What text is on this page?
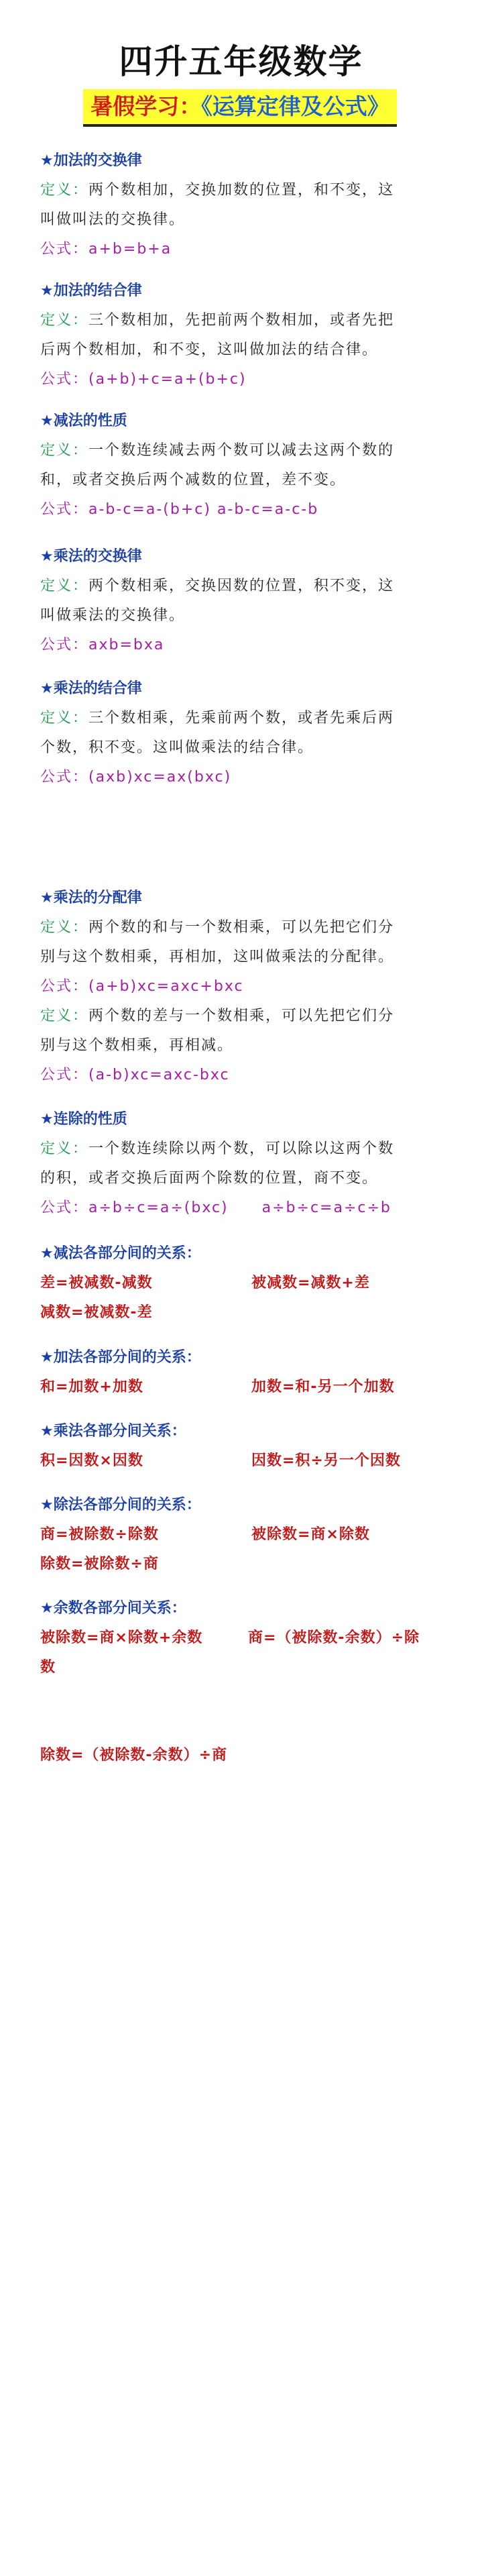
四升五年级数学
暑假学习：《运算定律及公式》
★加法的交换律
定义：两个数相加，交换加数的位置，和不变，这
叫做叫法的交换律。
公式：a+b=b+a
★加法的结合律
定义：三个数相加，先把前两个数相加，或者先把
后两个数相加，和不变，这叫做加法的结合律。
公式：(a+b)+c=a+(b+c)
★减法的性质
定义：一个数连续减去两个数可以减去这两个数的
和，或者交换后两个减数的位置，差不变。
公式：a-b-c=a-(b+c) a-b-c=a-c-b
★乘法的交换律
定义：两个数相乘，交换因数的位置，积不变，这
叫做乘法的交换律。
公式：axb=bxa
★乘法的结合律
定义：三个数相乘，先乘前两个数，或者先乘后两
个数，积不变。这叫做乘法的结合律。
公式：(axb)xc=ax(bxc)
★乘法的分配律
定义：两个数的和与一个数相乘，可以先把它们分
别与这个数相乘，再相加，这叫做乘法的分配律。
公式：(a+b)xc=axc+bxc
定义：两个数的差与一个数相乘，可以先把它们分
别与这个数相乘，再相减。
公式：(a-b)xc=axc-bxc
★连除的性质
定义：一个数连续除以两个数，可以除以这两个数
的积，或者交换后面两个除数的位置，商不变。
公式：a÷b÷c=a÷(bxc) a÷b÷c=a÷c÷b
★减法各部分间的关系：
差=被减数-减数	被减数=减数+差
减数=被减数-差
★加法各部分间的关系：
和=加数+加数	加数=和-另一个加数
★乘法各部分间关系：
积=因数×因数	因数=积÷另一个因数
★除法各部分间的关系：
商=被除数÷除数	被除数=商×除数
除数=被除数÷商
★余数各部分间关系：
被除数=商×除数+余数	商=（被除数-余数）÷除
数
除数=（被除数-余数）÷商
